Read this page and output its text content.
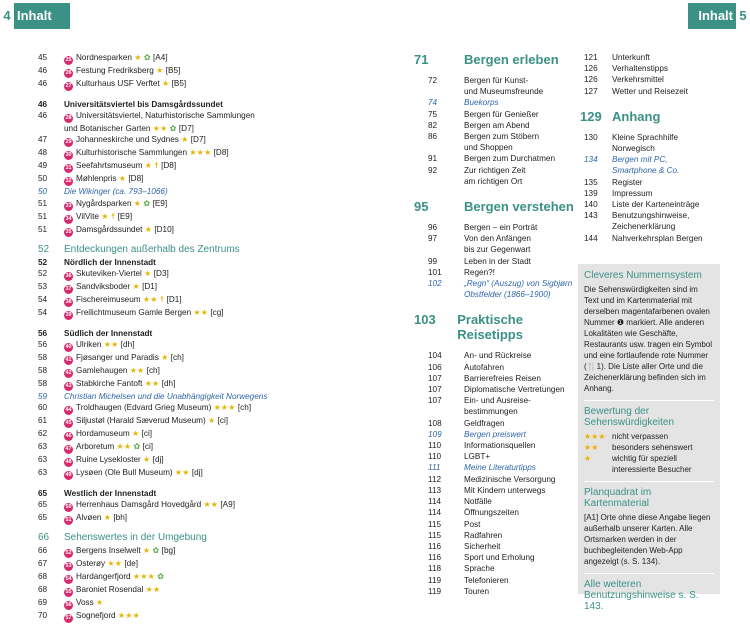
4 Inhalt	Inhalt 5
45	25 Nordnesparken ★ ✿ [A4]
46	26 Festung Fredriksberg ★ [B5]
46	27 Kulturhaus USF Verftet ★ [B5]
46	Universitätsviertel bis Damsgårdssundet
46	28 Universitätsviertel, Naturhistorische Sammlungen
und Botanischer Garten ★★ ✿ [D7]
47	29 Johanneskirche und Sydnes ★ [D7]
48	30 Kulturhistorische Sammlungen ★★★ [D8]
49	31 Seefahrtsmuseum ★ ☨ [D8]
50	32 Møhlenpris ★ [D8]
50	Die Wikinger (ca. 793–1066)
51	33 Nygårdsparken ★ ✿ [E9]
51	34 VilVite ★ ☨ [E9]
51	35 Damsgårdssundet ★ [D10]
52	Entdeckungen außerhalb des Zentrums
52	Nördlich der Innenstadt
52	36 Skuteviken-Viertel ★ [D3]
53	37 Sandviksboder ★ [D1]
54	38 Fischereimuseum ★★ ☨ [D1]
54	39 Freilichtmuseum Gamle Bergen ★★ [cg]
56	Südlich der Innenstadt
56	40 Ulriken ★★ [dh]
58	41 Fjøsanger und Paradis ★ [ch]
58	42 Gamlehaugen ★★ [ch]
58	43 Stabkirche Fantoft ★★ [dh]
59	Christian Michelsen und die Unabhängigkeit Norwegens
60	44 Troldhaugen (Edvard Grieg Museum) ★★★ [ch]
61	45 Siljustøl (Harald Sæverud Museum) ★ [ci]
62	46 Hordamuseum ★ [ci]
63	47 Arboretum ★★ ✿ [ci]
63	48 Ruine Lysekloster ★ [dj]
63	49 Lysøen (Ole Bull Museum) ★★ [dj]
65	Westlich der Innenstadt
65	50 Herrenhaus Damsgård Hovedgård ★★ [A9]
65	51 Alvøen ★ [bh]
66	Sehenswertes in der Umgebung
66	52 Bergens Inselwelt ★ ✿ [bg]
67	53 Osterøy ★★ [de]
68	54 Hardangerfjord ★★★ ✿
68	55 Baroniet Rosendal ★★
69	56 Voss ★
70	57 Sognefjord ★★★
71	Bergen erleben
72	Bergen für Kunst-
und Museumsfreunde
74	Buekorps
75	Bergen für Genießer
82	Bergen am Abend
86	Bergen zum Stöbern
und Shoppen
91	Bergen zum Durchatmen
92	Zur richtigen Zeit
am richtigen Ort
95	Bergen verstehen
96	Bergen – ein Porträt
97	Von den Anfängen
bis zur Gegenwart
99	Leben in der Stadt
101	Regen?!
102	„Regn“ (Auszug) von Sigbjørn
Obstfelder (1866–1900)
103	Praktische Reisetipps
104	An- und Rückreise
106	Autofahren
107	Barrierefreies Reisen
107	Diplomatische Vertretungen
107	Ein- und Ausreise-
bestimmungen
108	Geldfragen
109	Bergen preiswert
110	Informationsquellen
110	LGBT+
111	Meine Literaturtipps
112	Medizinische Versorgung
113	Mit Kindern unterwegs
114	Notfälle
114	Öffnungszeiten
115	Post
115	Radfahren
116	Sicherheit
116	Sport und Erholung
118	Sprache
119	Telefonieren
119	Touren
121	Unterkunft
126	Verhaltenstipps
126	Verkehrsmittel
127	Wetter und Reisezeit
129 Anhang
130	Kleine Sprachhilfe
Norwegisch
134	Bergen mit PC,
Smartphone & Co.
135	Register
139	Impressum
140	Liste der Karteneinträge
143	Benutzungshinweise,
Zeichenerklärung
144	Nahverkehrsplan Bergen
Cleveres Nummernsystem

Die Sehenswürdigkeiten sind im Text und im Kartenmaterial mit derselben magentafarbenen ovalen Nummer ❶ markiert. Alle anderen Lokalitäten wie Geschäfte, Restaurants usw. tragen ein Symbol und eine fortlaufende rote Nummer (🍴1). Die Liste aller Orte und die Zeichenerklärung befinden sich im Anhang.

Bewertung der Sehenswürdigkeiten
★★★ nicht verpassen
★★	besonders sehenswert
★	wichtig für speziell interessierte Besucher
Planquadrat im Kartenmaterial

[A1] Orte ohne diese Angabe liegen außerhalb unserer Karten. Alle Ortsmarken werden in der buchbegleitenden Web-App angezeigt (s. S. 134).

Alle weiteren Benutzungshinweise s. S. 143.
